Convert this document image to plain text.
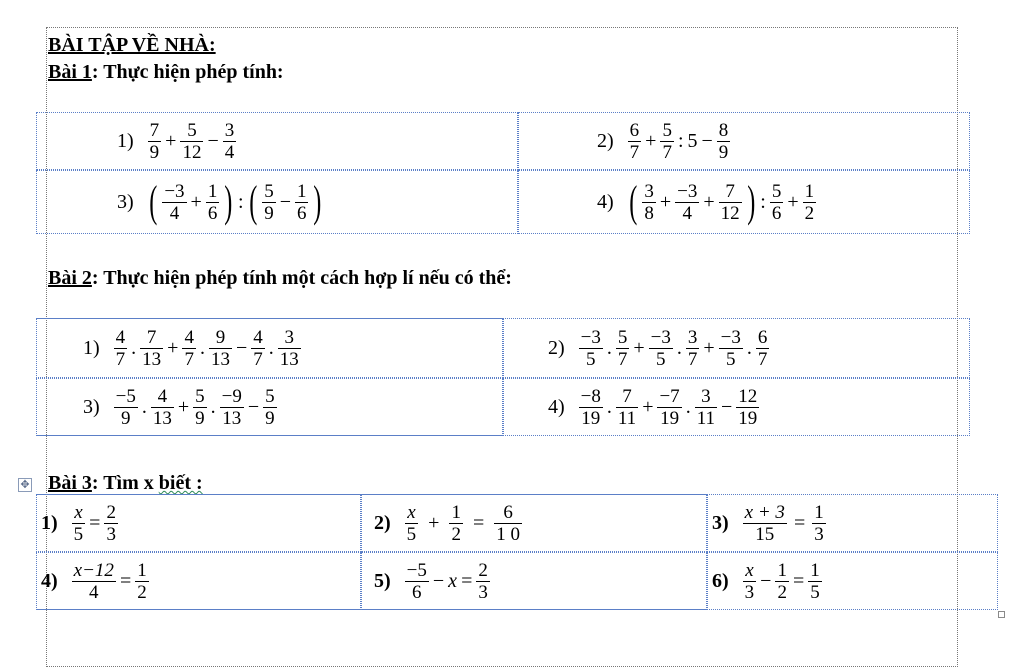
BÀI TẬP VỀ NHÀ:
Bài 1: Thực hiện phép tính:
Bài 2: Thực hiện phép tính một cách hợp lí nếu có thể:
Bài 3: Tìm x biết :
$1) \frac{7}{9} + \frac{5}{12} - \frac{3}{4}$	$2) \frac{6}{7} + \frac{5}{7}$ : $5 - \frac{8}{9}$
3) ( $\frac{-3}{4} + \frac{1}{6}$ ) : ( $\frac{5}{9} - \frac{1}{6}$ )	4) ( $\frac{3}{8} + \frac{-3}{4} + \frac{7}{12}$ ) : $\frac{5}{6} + \frac{1}{2}$
$1) \frac{4}{7}$ . $\frac{7}{13} + \frac{4}{7}$ . $\frac{9}{13} - \frac{4}{7}$ . $\frac{3}{13}$	$2) \frac{-3}{5}$ . $\frac{5}{7} + \frac{-3}{5}$ . $\frac{3}{7} + \frac{-3}{5}$ . $\frac{6}{7}$
$3) \frac{-5}{9}$ . $\frac{4}{13} + \frac{5}{9}$ . $\frac{-9}{13} - \frac{5}{9}$	$4) \frac{-8}{19}$ . $\frac{7}{11} + \frac{-7}{19}$ . $\frac{3}{11} - \frac{12}{19}$
✥
$1) \frac{x}{5} = \frac{2}{3}$	$2) \frac{x}{5} + \frac{1}{2} = \frac{6}{1 0}$	$3) \frac{x + 3}{15} = \frac{1}{3}$
$4) \frac{x-12}{4} = \frac{1}{2}$	$5) \frac{-5}{6} - x = \frac{2}{3}$	$6) \frac{x}{3} - \frac{1}{2} = \frac{1}{5}$
